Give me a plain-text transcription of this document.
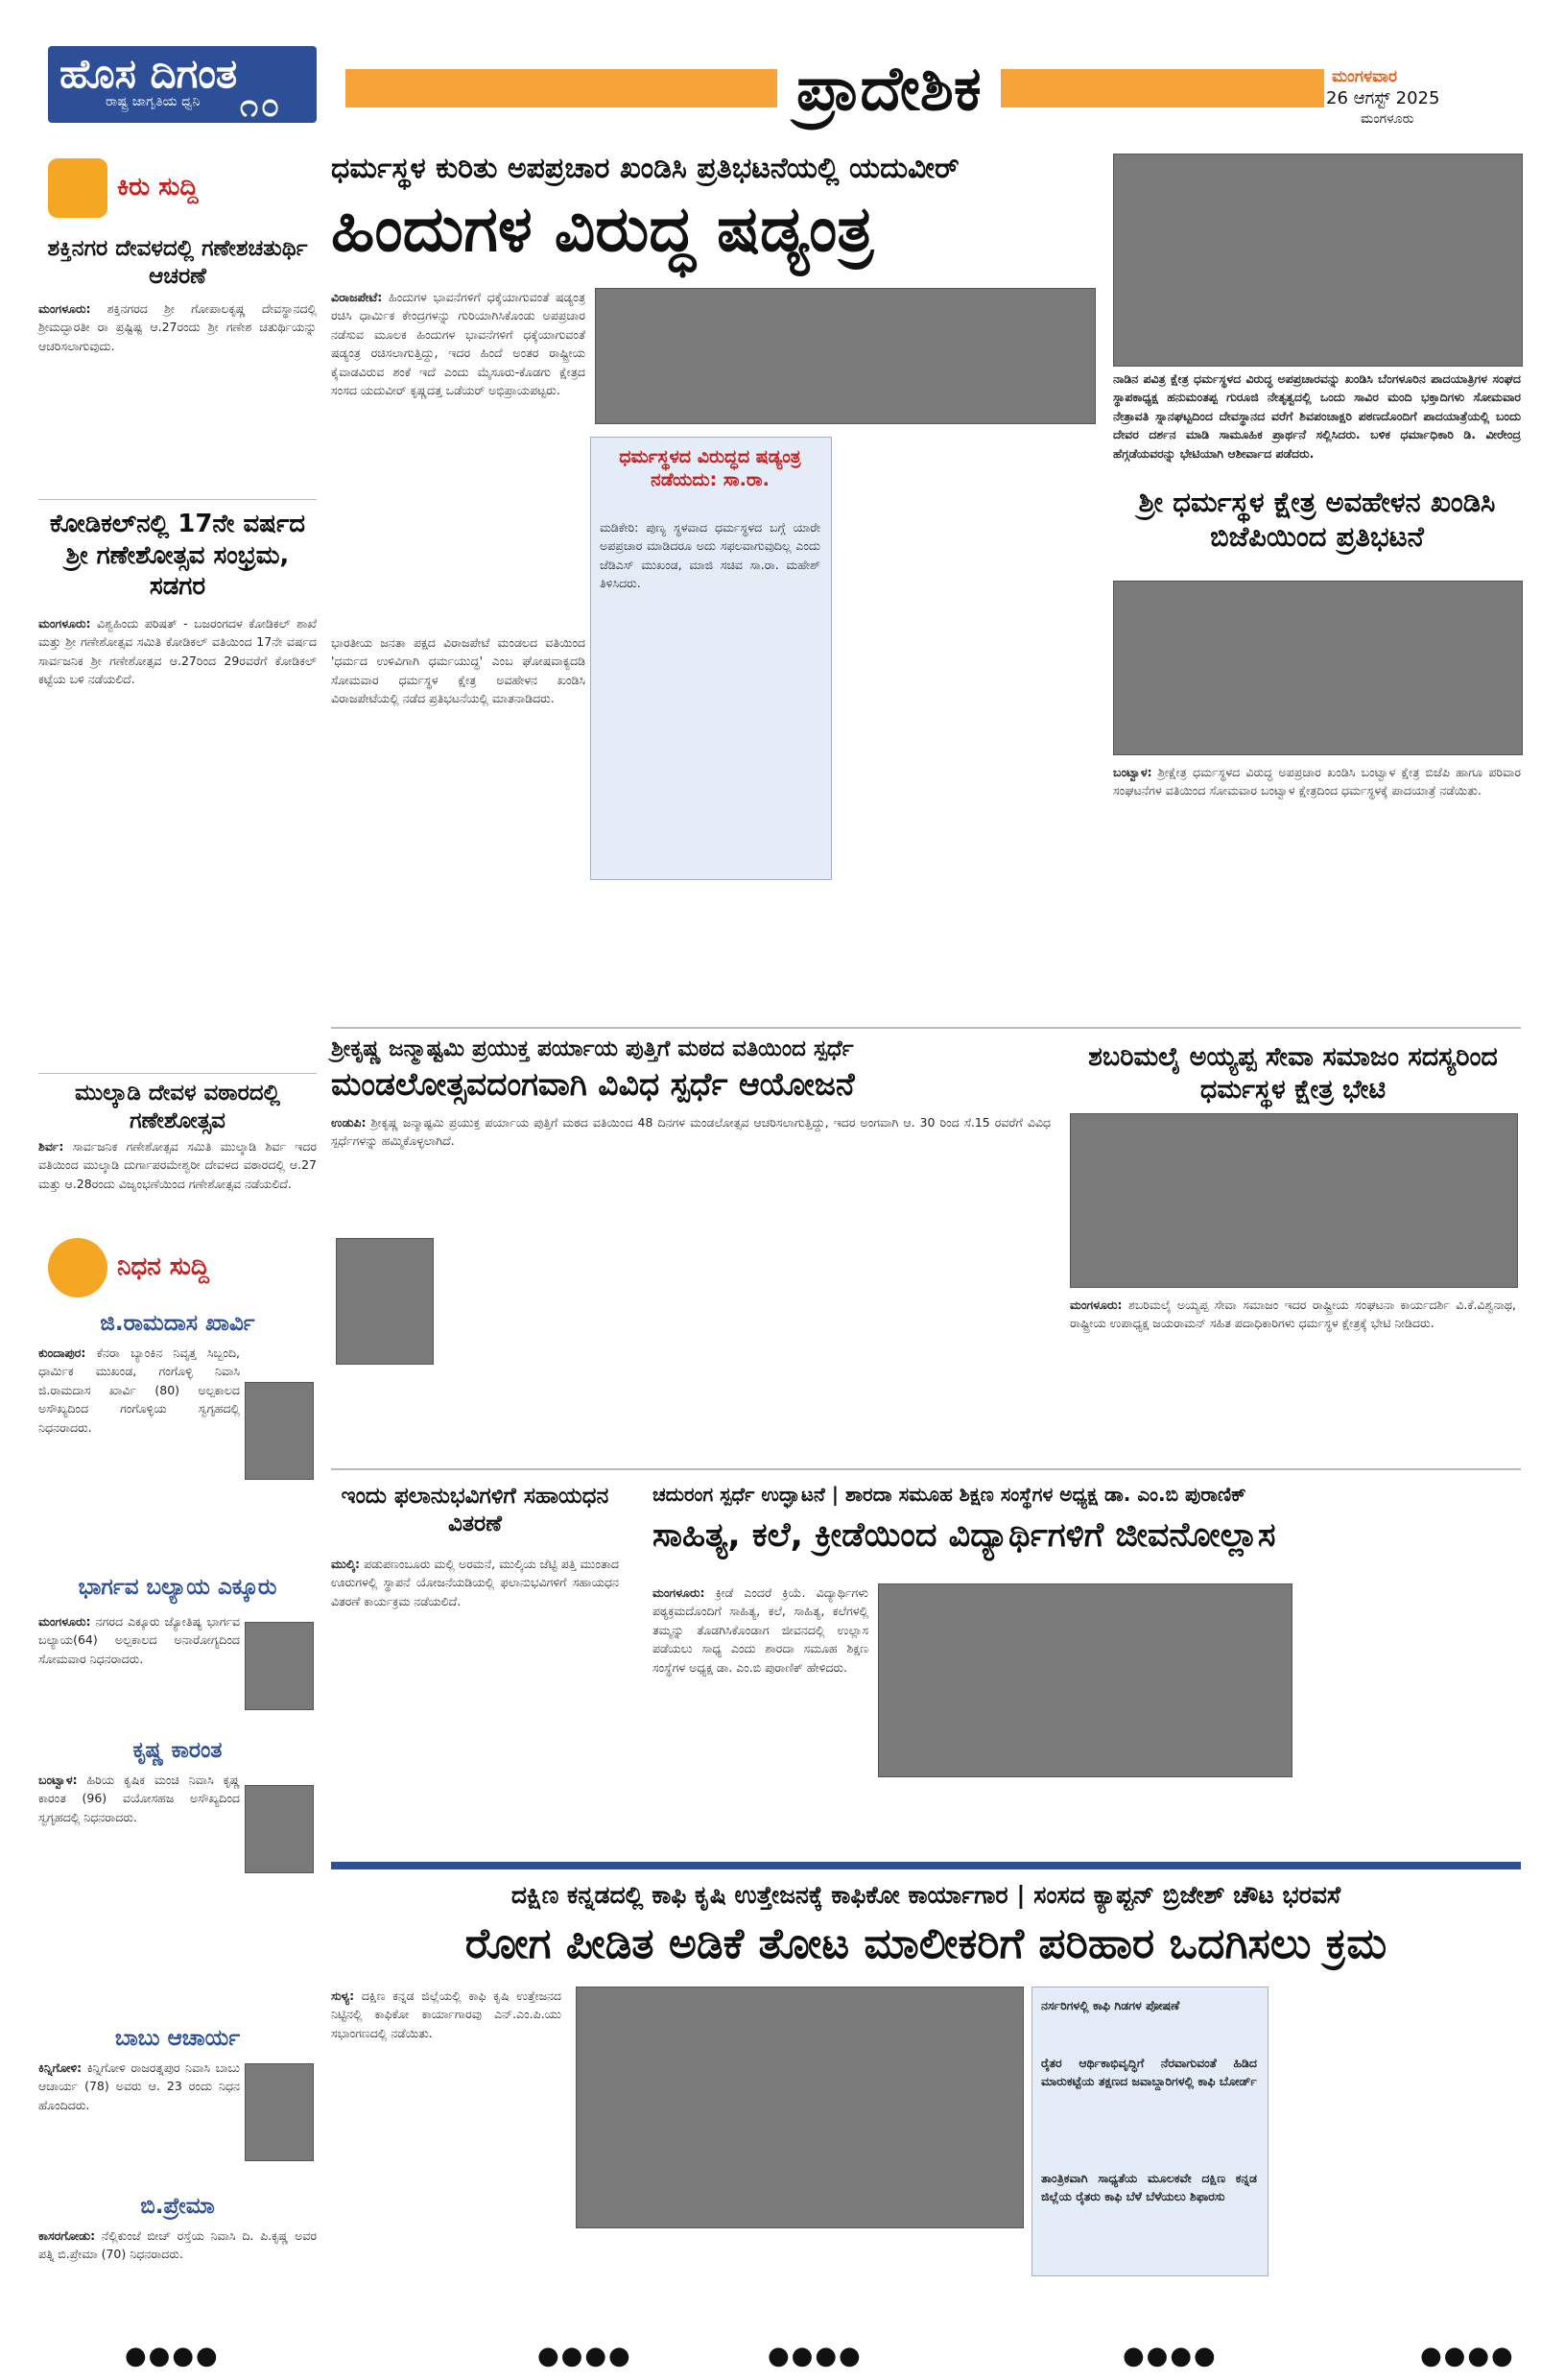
ಹೊಸ ದಿಗಂತ
ರಾಷ್ಟ್ರ ಜಾಗೃತಿಯ ಧ್ವನಿ ೧೦	ಪ್ರಾದೇಶಿಕ	ಮಂಗಳವಾರ
26 ಆಗಸ್ಟ್ 2025
ಮಂಗಳೂರು
ಕಿರು ಸುದ್ದಿ
ಶಕ್ತಿನಗರ ದೇವಳದಲ್ಲಿ ಗಣೇಶಚತುರ್ಥಿ ಆಚರಣೆ
ಮಂಗಳೂರು: ಶಕ್ತಿನಗರದ ಶ್ರೀ ಗೋಪಾಲಕೃಷ್ಣ ದೇವಸ್ಥಾನದಲ್ಲಿ ಶ್ರೀಮದ್ಭಾರತೀ ರಾ ಪ್ರಷ್ಟಿಷ್ಟ ಆ.27ರಂದು ಶ್ರೀ ಗಣೇಶ ಚತುರ್ಥಿಯನ್ನು ಆಚರಿಸಲಾಗುವುದು.
ಕೋಡಿಕಲ್‌ನಲ್ಲಿ 17ನೇ ವರ್ಷದ ಶ್ರೀ ಗಣೇಶೋತ್ಸವ ಸಂಭ್ರಮ, ಸಡಗರ
ಮಂಗಳೂರು: ವಿಶ್ವಹಿಂದು ಪರಿಷತ್ - ಬಜರಂಗದಳ ಕೋಡಿಕಲ್ ಶಾಖೆ ಮತ್ತು ಶ್ರೀ ಗಣೇಶೋತ್ಸವ ಸಮಿತಿ ಕೋಡಿಕಲ್ ವತಿಯಿಂದ 17ನೇ ವರ್ಷದ ಸಾರ್ವಜನಿಕ ಶ್ರೀ ಗಣೇಶೋತ್ಸವ ಆ.27ರಿಂದ 29ರವರೆಗೆ ಕೋಡಿಕಲ್ ಕಟ್ಟೆಯ ಬಳಿ ನಡೆಯಲಿದೆ.
ಮುಲ್ಕಾಡಿ ದೇವಳ ವಠಾರದಲ್ಲಿ ಗಣೇಶೋತ್ಸವ
ಶಿರ್ವ: ಸಾರ್ವಜನಿಕ ಗಣೇಶೋತ್ಸವ ಸಮಿತಿ ಮುಲ್ಕಾಡಿ ಶಿರ್ವ ಇದರ ವತಿಯಿಂದ ಮುಲ್ಕಾಡಿ ದುರ್ಗಾಪರಮೇಶ್ವರೀ ದೇವಳದ ವಠಾರದಲ್ಲಿ ಆ.27 ಮತ್ತು ಆ.28ರಂದು ವಿಜೃಂಭಣೆಯಿಂದ ಗಣೇಶೋತ್ಸವ ನಡೆಯಲಿದೆ.
ನಿಧನ ಸುದ್ದಿ
ಜಿ.ರಾಮದಾಸ ಖಾರ್ವಿ
ಕುಂದಾಪುರ: ಕೆನರಾ ಬ್ಯಾಂಕಿನ ನಿವೃತ್ತ ಸಿಬ್ಬಂದಿ, ಧಾರ್ಮಿಕ ಮುಖಂಡ, ಗಂಗೊಳ್ಳಿ ನಿವಾಸಿ ಜಿ.ರಾಮದಾಸ ಖಾರ್ವಿ (80) ಅಲ್ಪಕಾಲದ ಅಸೌಖ್ಯದಿಂದ ಗಂಗೊಳ್ಳಿಯ ಸ್ವಗೃಹದಲ್ಲಿ ನಿಧನರಾದರು.
ಭಾರ್ಗವ ಬಲ್ಯಾಯ ಎಕ್ಕೂರು
ಮಂಗಳೂರು: ನಗರದ ಎಕ್ಕೂರು ಜ್ಯೋತಿಷ್ಯ ಭಾರ್ಗವ ಬಲ್ಯಾಯ(64) ಅಲ್ಪಕಾಲದ ಅನಾರೋಗ್ಯದಿಂದ ಸೋಮವಾರ ನಿಧನರಾದರು.
ಕೃಷ್ಣ ಕಾರಂತ
ಬಂಟ್ವಾಳ: ಹಿರಿಯ ಕೃಷಿಕ ಮಂಚಿ ನಿವಾಸಿ ಕೃಷ್ಣ ಕಾರಂತ (96) ವಯೋಸಹಜ ಅಸೌಖ್ಯದಿಂದ ಸ್ವಗೃಹದಲ್ಲಿ ನಿಧನರಾದರು.
ಬಾಬು ಆಚಾರ್ಯ
ಕಿನ್ನಿಗೋಳಿ: ಕಿನ್ನಿಗೋಳಿ ರಾಜರತ್ನಪುರ ನಿವಾಸಿ ಬಾಬು ಆಚಾರ್ಯ (78) ಅವರು ಆ. 23 ರಂದು ನಿಧನ ಹೊಂದಿದರು.
ಬಿ.ಪ್ರೇಮಾ
ಕಾಸರಗೋಡು: ನೆಲ್ಲಿಕುಂಜೆ ಬೀಚ್ ರಸ್ತೆಯ ನಿವಾಸಿ ದಿ. ಪಿ.ಕೃಷ್ಣ ಅವರ ಪತ್ನಿ ಬಿ.ಪ್ರೇಮಾ (70) ನಿಧನರಾದರು.
ಧರ್ಮಸ್ಥಳ ಕುರಿತು ಅಪಪ್ರಚಾರ ಖಂಡಿಸಿ ಪ್ರತಿಭಟನೆಯಲ್ಲಿ ಯದುವೀರ್
ಹಿಂದುಗಳ ವಿರುದ್ಧ ಷಡ್ಯಂತ್ರ
ವಿರಾಜಪೇಟೆ: ಹಿಂದುಗಳ ಭಾವನೆಗಳಿಗೆ ಧಕ್ಕೆಯಾಗುವಂತೆ ಷಡ್ಯಂತ್ರ ರಚಿಸಿ ಧಾರ್ಮಿಕ ಕೇಂದ್ರಗಳನ್ನು ಗುರಿಯಾಗಿಸಿಕೊಂಡು ಅಪಪ್ರಚಾರ ನಡೆಸುವ ಮೂಲಕ ಹಿಂದುಗಳ ಭಾವನೆಗಳಿಗೆ ಧಕ್ಕೆಯಾಗುವಂತೆ ಷಡ್ಯಂತ್ರ ರಚಿಸಲಾಗುತ್ತಿದ್ದು, ಇದರ ಹಿಂದೆ ಅಂತರ ರಾಷ್ಟ್ರೀಯ ಕೈವಾಡವಿರುವ ಶಂಕೆ ಇದೆ ಎಂದು ಮೈಸೂರು-ಕೊಡಗು ಕ್ಷೇತ್ರದ ಸಂಸದ ಯದುವೀರ್ ಕೃಷ್ಣದತ್ತ ಒಡೆಯರ್ ಅಭಿಪ್ರಾಯಪಟ್ಟರು.
ಭಾರತೀಯ ಜನತಾ ಪಕ್ಷದ ವಿರಾಜಪೇಟೆ ಮಂಡಲದ ವತಿಯಿಂದ 'ಧರ್ಮದ ಉಳಿವಿಗಾಗಿ ಧರ್ಮಯುದ್ಧ' ಎಂಬ ಘೋಷವಾಕ್ಯದಡಿ ಸೋಮವಾರ ಧರ್ಮಸ್ಥಳ ಕ್ಷೇತ್ರ ಅವಹೇಳನ ಖಂಡಿಸಿ ವಿರಾಜಪೇಟೆಯಲ್ಲಿ ನಡೆದ ಪ್ರತಿಭಟನೆಯಲ್ಲಿ ಮಾತನಾಡಿದರು.
ಧರ್ಮಸ್ಥಳದ ವಿರುದ್ಧದ ಷಡ್ಯಂತ್ರ ನಡೆಯದು: ಸಾ.ರಾ.
ಮಡಿಕೇರಿ: ಪುಣ್ಯ ಸ್ಥಳವಾದ ಧರ್ಮಸ್ಥಳದ ಬಗ್ಗೆ ಯಾರೇ ಅಪಪ್ರಚಾರ ಮಾಡಿದರೂ ಅದು ಸಫಲವಾಗುವುದಿಲ್ಲ ಎಂದು ಜೆಡಿಎಸ್ ಮುಖಂಡ, ಮಾಜಿ ಸಚಿವ ಸಾ.ರಾ. ಮಹೇಶ್ ತಿಳಿಸಿದರು.
ನಾಡಿನ ಪವಿತ್ರ ಕ್ಷೇತ್ರ ಧರ್ಮಸ್ಥಳದ ವಿರುದ್ಧ ಅಪಪ್ರಚಾರವನ್ನು ಖಂಡಿಸಿ ಬೆಂಗಳೂರಿನ ಪಾದಯಾತ್ರಿಗಳ ಸಂಘದ ಸ್ಥಾಪಕಾಧ್ಯಕ್ಷ ಹನುಮಂತಪ್ಪ ಗುರೂಜಿ ನೇತೃತ್ವದಲ್ಲಿ ಒಂದು ಸಾವಿರ ಮಂದಿ ಭಕ್ತಾದಿಗಳು ಸೋಮವಾರ ನೇತ್ರಾವತಿ ಸ್ನಾನಘಟ್ಟದಿಂದ ದೇವಸ್ಥಾನದ ವರೆಗೆ ಶಿವಪಂಚಾಕ್ಷರಿ ಪಠಣದೊಂದಿಗೆ ಪಾದಯಾತ್ರೆಯಲ್ಲಿ ಬಂದು ದೇವರ ದರ್ಶನ ಮಾಡಿ ಸಾಮೂಹಿಕ ಪ್ರಾರ್ಥನೆ ಸಲ್ಲಿಸಿದರು. ಬಳಿಕ ಧರ್ಮಾಧಿಕಾರಿ ಡಿ. ವೀರೇಂದ್ರ ಹೆಗ್ಗಡೆಯವರನ್ನು ಭೇಟಿಯಾಗಿ ಆಶೀರ್ವಾದ ಪಡೆದರು.
ಶ್ರೀ ಧರ್ಮಸ್ಥಳ ಕ್ಷೇತ್ರ ಅವಹೇಳನ ಖಂಡಿಸಿ ಬಿಜೆಪಿಯಿಂದ ಪ್ರತಿಭಟನೆ
ಬಂಟ್ವಾಳ: ಶ್ರೀಕ್ಷೇತ್ರ ಧರ್ಮಸ್ಥಳದ ವಿರುದ್ಧ ಅಪಪ್ರಚಾರ ಖಂಡಿಸಿ ಬಂಟ್ವಾಳ ಕ್ಷೇತ್ರ ಬಿಜೆಪಿ ಹಾಗೂ ಪರಿವಾರ ಸಂಘಟನೆಗಳ ವತಿಯಿಂದ ಸೋಮವಾರ ಬಂಟ್ವಾಳ ಕ್ಷೇತ್ರದಿಂದ ಧರ್ಮಸ್ಥಳಕ್ಕೆ ಪಾದಯಾತ್ರೆ ನಡೆಯಿತು.
ಶ್ರೀಕೃಷ್ಣ ಜನ್ಮಾಷ್ಟಮಿ ಪ್ರಯುಕ್ತ ಪರ್ಯಾಯ ಪುತ್ತಿಗೆ ಮಠದ ವತಿಯಿಂದ ಸ್ಪರ್ಧೆ
ಮಂಡಲೋತ್ಸವದಂಗವಾಗಿ ವಿವಿಧ ಸ್ಪರ್ಧೆ ಆಯೋಜನೆ
ಉಡುಪಿ: ಶ್ರೀಕೃಷ್ಣ ಜನ್ಮಾಷ್ಟಮಿ ಪ್ರಯುಕ್ತ ಪರ್ಯಾಯ ಪುತ್ತಿಗೆ ಮಠದ ವತಿಯಿಂದ 48 ದಿನಗಳ ಮಂಡಲೋತ್ಸವ ಆಚರಿಸಲಾಗುತ್ತಿದ್ದು, ಇದರ ಅಂಗವಾಗಿ ಆ. 30 ರಿಂದ ಸೆ.15 ರವರೆಗೆ ವಿವಿಧ ಸ್ಪರ್ಧೆಗಳನ್ನು ಹಮ್ಮಿಕೊಳ್ಳಲಾಗಿದೆ.
ಶಬರಿಮಲೈ ಅಯ್ಯಪ್ಪ ಸೇವಾ ಸಮಾಜಂ ಸದಸ್ಯರಿಂದ ಧರ್ಮಸ್ಥಳ ಕ್ಷೇತ್ರ ಭೇಟಿ
ಮಂಗಳೂರು: ಶಬರಿಮಲೈ ಅಯ್ಯಪ್ಪ ಸೇವಾ ಸಮಾಜಂ ಇದರ ರಾಷ್ಟ್ರೀಯ ಸಂಘಟನಾ ಕಾರ್ಯದರ್ಶಿ ವಿ.ಕೆ.ವಿಶ್ವನಾಥ, ರಾಷ್ಟ್ರೀಯ ಉಪಾಧ್ಯಕ್ಷ ಜಯರಾಮನ್ ಸಹಿತ ಪದಾಧಿಕಾರಿಗಳು ಧರ್ಮಸ್ಥಳ ಕ್ಷೇತ್ರಕ್ಕೆ ಭೇಟಿ ನೀಡಿದರು.
ಇಂದು ಫಲಾನುಭವಿಗಳಿಗೆ ಸಹಾಯಧನ ವಿತರಣೆ
ಮುಲ್ಕಿ: ಪಡುಪಣಂಬೂರು ಮಲ್ಲಿ ಅರಮನೆ, ಮುಲ್ಕಿಯ ಜೆಟ್ಟಿ ಪತ್ತಿ ಮುಂತಾದ ಊರುಗಳಲ್ಲಿ ಸ್ಥಾಪನೆ ಯೋಜನೆಯಡಿಯಲ್ಲಿ ಫಲಾನುಭವಿಗಳಿಗೆ ಸಹಾಯಧನ ವಿತರಣೆ ಕಾರ್ಯಕ್ರಮ ನಡೆಯಲಿದೆ.
ಚದುರಂಗ ಸ್ಪರ್ಧೆ ಉದ್ಘಾಟನೆ | ಶಾರದಾ ಸಮೂಹ ಶಿಕ್ಷಣ ಸಂಸ್ಥೆಗಳ ಅಧ್ಯಕ್ಷ ಡಾ. ಎಂ.ಬಿ ಪುರಾಣಿಕ್
ಸಾಹಿತ್ಯ, ಕಲೆ, ಕ್ರೀಡೆಯಿಂದ ವಿದ್ಯಾರ್ಥಿಗಳಿಗೆ ಜೀವನೋಲ್ಲಾಸ
ಮಂಗಳೂರು: ಕ್ರೀಡೆ ಎಂದರೆ ಕ್ರಿಯೆ. ವಿದ್ಯಾರ್ಥಿಗಳು ಪಠ್ಯಕ್ರಮದೊಂದಿಗೆ ಸಾಹಿತ್ಯ, ಕಲೆ, ಸಾಹಿತ್ಯ, ಕಲೆಗಳಲ್ಲಿ ತಮ್ಮನ್ನು ತೊಡಗಿಸಿಕೊಂಡಾಗ ಜೀವನದಲ್ಲಿ ಉಲ್ಲಾಸ ಪಡೆಯಲು ಸಾಧ್ಯ ಎಂದು ಶಾರದಾ ಸಮೂಹ ಶಿಕ್ಷಣ ಸಂಸ್ಥೆಗಳ ಅಧ್ಯಕ್ಷ ಡಾ. ಎಂ.ಬಿ ಪುರಾಣಿಕ್ ಹೇಳಿದರು.
ದಕ್ಷಿಣ ಕನ್ನಡದಲ್ಲಿ ಕಾಫಿ ಕೃಷಿ ಉತ್ತೇಜನಕ್ಕೆ ಕಾಫಿಕೋ ಕಾರ್ಯಾಗಾರ | ಸಂಸದ ಕ್ಯಾಪ್ಟನ್ ಬ್ರಿಜೇಶ್ ಚೌಟ ಭರವಸೆ
ರೋಗ ಪೀಡಿತ ಅಡಿಕೆ ತೋಟ ಮಾಲೀಕರಿಗೆ ಪರಿಹಾರ ಒದಗಿಸಲು ಕ್ರಮ
ಸುಳ್ಯ: ದಕ್ಷಿಣ ಕನ್ನಡ ಜಿಲ್ಲೆಯಲ್ಲಿ ಕಾಫಿ ಕೃಷಿ ಉತ್ತೇಜನದ ನಿಟ್ಟಿನಲ್ಲಿ ಕಾಫಿಕೋ ಕಾರ್ಯಾಗಾರವು ಎನ್.ಎಂ.ಪಿ.ಯು ಸಭಾಂಗಣದಲ್ಲಿ ನಡೆಯಿತು.
ನರ್ಸರಿಗಳಲ್ಲಿ ಕಾಫಿ ಗಿಡಗಳ ಪೋಷಣೆ
ರೈತರ ಆರ್ಥಿಕಾಭಿವೃದ್ಧಿಗೆ ನೆರವಾಗುವಂತೆ ಹಿಡಿದ ಮಾರುಕಟ್ಟೆಯ ತಕ್ಷಣದ ಜವಾಬ್ದಾರಿಗಳಲ್ಲಿ ಕಾಫಿ ಬೋರ್ಡ್
ತಾಂತ್ರಿಕವಾಗಿ ಸಾಧ್ಯತೆಯ ಮೂಲಕವೇ ದಕ್ಷಿಣ ಕನ್ನಡ ಜಿಲ್ಲೆಯ ರೈತರು ಕಾಫಿ ಬೆಳೆ ಬೆಳೆಯಲು ಶಿಫಾರಸು
●●●●	●●●●	●●●●	●●●●	●●●●
